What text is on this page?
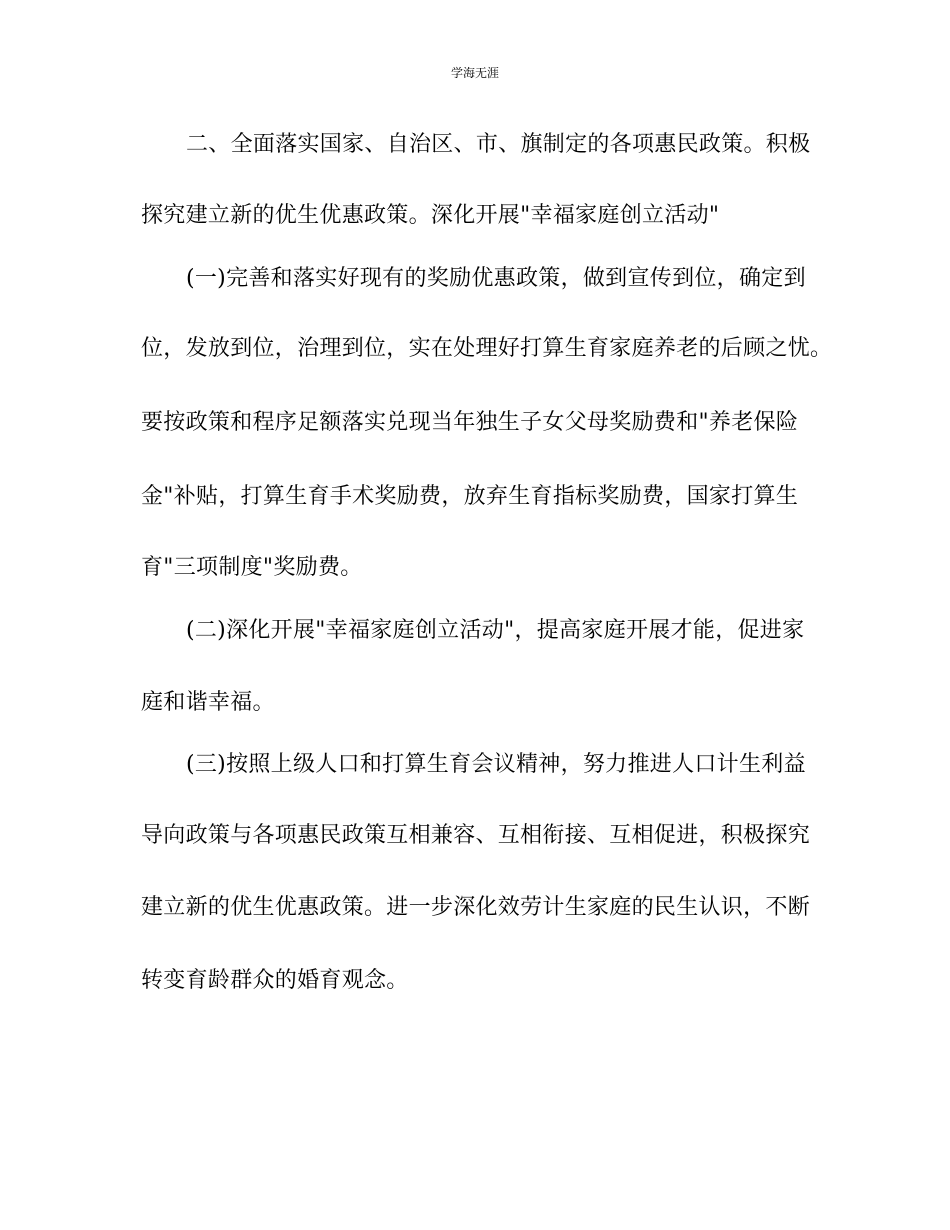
学海无涯
二、全面落实国家、自治区、市、旗制定的各项惠民政策。积极
探究建立新的优生优惠政策。深化开展"幸福家庭创立活动"
(一)完善和落实好现有的奖励优惠政策，做到宣传到位，确定到
位，发放到位，治理到位，实在处理好打算生育家庭养老的后顾之忧。
要按政策和程序足额落实兑现当年独生子女父母奖励费和"养老保险
金"补贴，打算生育手术奖励费，放弃生育指标奖励费，国家打算生
育"三项制度"奖励费。
(二)深化开展"幸福家庭创立活动"，提高家庭开展才能，促进家
庭和谐幸福。
(三)按照上级人口和打算生育会议精神，努力推进人口计生利益
导向政策与各项惠民政策互相兼容、互相衔接、互相促进，积极探究
建立新的优生优惠政策。进一步深化效劳计生家庭的民生认识，不断
转变育龄群众的婚育观念。
